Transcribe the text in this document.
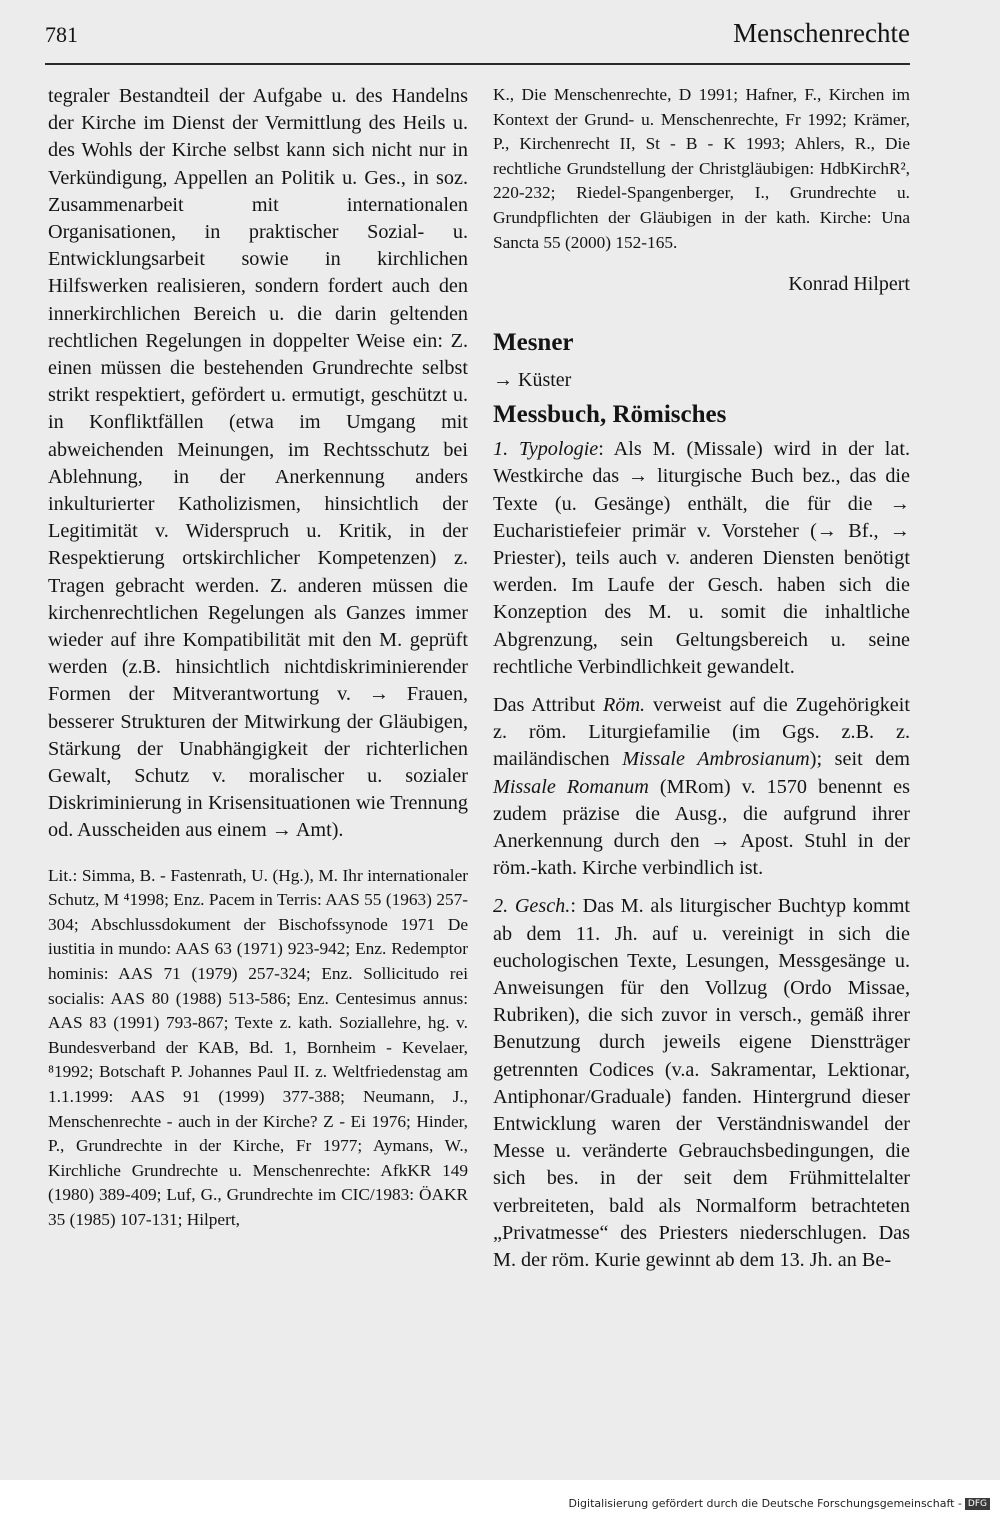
781	Menschenrechte

tegraler Bestandteil der Aufgabe u. des Handelns der Kirche im Dienst der Vermittlung des Heils u. des Wohls der Kirche selbst kann sich nicht nur in Verkündigung, Appellen an Politik u. Ges., in soz. Zusammenarbeit mit internationalen Organisationen, in praktischer Sozial- u. Entwicklungsarbeit sowie in kirchlichen Hilfswerken realisieren, sondern fordert auch den innerkirchlichen Bereich u. die darin geltenden rechtlichen Regelungen in doppelter Weise ein: Z. einen müssen die bestehenden Grundrechte selbst strikt respektiert, gefördert u. ermutigt, geschützt u. in Konfliktfällen (etwa im Umgang mit abweichenden Meinungen, im Rechtsschutz bei Ablehnung, in der Anerkennung anders inkulturierter Katholizismen, hinsichtlich der Legitimität v. Widerspruch u. Kritik, in der Respektierung ortskirchlicher Kompetenzen) z. Tragen gebracht werden. Z. anderen müssen die kirchenrechtlichen Regelungen als Ganzes immer wieder auf ihre Kompatibilität mit den M. geprüft werden (z.B. hinsichtlich nichtdiskriminierender Formen der Mitverantwortung v. → Frauen, besserer Strukturen der Mitwirkung der Gläubigen, Stärkung der Unabhängigkeit der richterlichen Gewalt, Schutz v. moralischer u. sozialer Diskriminierung in Krisensituationen wie Trennung od. Ausscheiden aus einem → Amt).

Lit.: Simma, B. - Fastenrath, U. (Hg.), M. Ihr internationaler Schutz, M ⁴1998; Enz. Pacem in Terris: AAS 55 (1963) 257-304; Abschlussdokument der Bischofssynode 1971 De iustitia in mundo: AAS 63 (1971) 923-942; Enz. Redemptor hominis: AAS 71 (1979) 257-324; Enz. Sollicitudo rei socialis: AAS 80 (1988) 513-586; Enz. Centesimus annus: AAS 83 (1991) 793-867; Texte z. kath. Soziallehre, hg. v. Bundesverband der KAB, Bd. 1, Bornheim - Kevelaer, ⁸1992; Botschaft P. Johannes Paul II. z. Weltfriedenstag am 1.1.1999: AAS 91 (1999) 377-388; Neumann, J., Menschenrechte - auch in der Kirche? Z - Ei 1976; Hinder, P., Grundrechte in der Kirche, Fr 1977; Aymans, W., Kirchliche Grundrechte u. Menschenrechte: AfkKR 149 (1980) 389-409; Luf, G., Grundrechte im CIC/1983: ÖAKR 35 (1985) 107-131; Hilpert,

K., Die Menschenrechte, D 1991; Hafner, F., Kirchen im Kontext der Grund- u. Menschenrechte, Fr 1992; Krämer, P., Kirchenrecht II, St - B - K 1993; Ahlers, R., Die rechtliche Grundstellung der Christgläubigen: HdbKirchR², 220-232; Riedel-Spangenberger, I., Grundrechte u. Grundpflichten der Gläubigen in der kath. Kirche: Una Sancta 55 (2000) 152-165.

Konrad Hilpert
Mesner
→ Küster
Messbuch, Römisches

1. Typologie: Als M. (Missale) wird in der lat. Westkirche das → liturgische Buch bez., das die Texte (u. Gesänge) enthält, die für die → Eucharistiefeier primär v. Vorsteher (→ Bf., → Priester), teils auch v. anderen Diensten benötigt werden. Im Laufe der Gesch. haben sich die Konzeption des M. u. somit die inhaltliche Abgrenzung, sein Geltungsbereich u. seine rechtliche Verbindlichkeit gewandelt.

Das Attribut Röm. verweist auf die Zugehörigkeit z. röm. Liturgiefamilie (im Ggs. z.B. z. mailändischen Missale Ambrosianum); seit dem Missale Romanum (MRom) v. 1570 benennt es zudem präzise die Ausg., die aufgrund ihrer Anerkennung durch den → Apost. Stuhl in der röm.-kath. Kirche verbindlich ist.

2. Gesch.: Das M. als liturgischer Buchtyp kommt ab dem 11. Jh. auf u. vereinigt in sich die euchologischen Texte, Lesungen, Messgesänge u. Anweisungen für den Vollzug (Ordo Missae, Rubriken), die sich zuvor in versch., gemäß ihrer Benutzung durch jeweils eigene Dienstträger getrennten Codices (v.a. Sakramentar, Lektionar, Antiphonar/Graduale) fanden. Hintergrund dieser Entwicklung waren der Verständniswandel der Messe u. veränderte Gebrauchsbedingungen, die sich bes. in der seit dem Frühmittelalter verbreiteten, bald als Normalform betrachteten „Privatmesse“ des Priesters niederschlugen. Das M. der röm. Kurie gewinnt ab dem 13. Jh. an Be-

Digitalisierung gefördert durch die Deutsche Forschungsgemeinschaft - DFG
